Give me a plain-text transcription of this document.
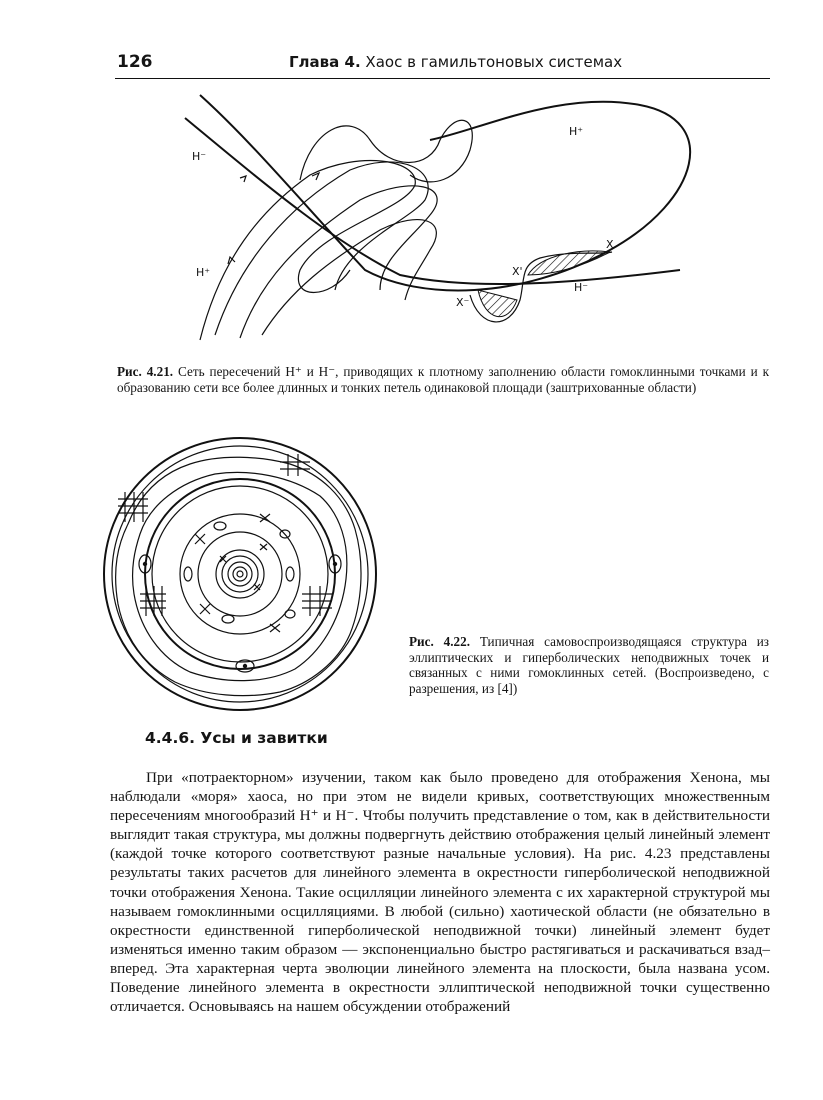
126	Глава 4. Хаос в гамильтоновых системах
H⁻
H⁺
H⁺
H⁻
X
X'
X⁻
Рис. 4.21. Сеть пересечений H⁺ и H⁻, приводящих к плотному заполнению области гомоклинными точками и к образованию сети все более длинных и тонких петель одинаковой площади (заштрихованные области)
Рис. 4.22. Типичная самовоспроизводящаяся структура из эллиптических и гиперболических неподвижных точек и связанных с ними гомоклинных сетей. (Воспроизведено, с разрешения, из [4])
4.4.6. Усы и завитки

При «потраекторном» изучении, таком как было проведено для отображения Хенона, мы наблюдали «моря» хаоса, но при этом не видели кривых, соответствующих множественным пересечениям многообразий H⁺ и H⁻. Чтобы получить представление о том, как в действительности выглядит такая структура, мы должны подвергнуть действию отображения целый линейный элемент (каждой точке которого соответствуют разные начальные условия). На рис. 4.23 представлены результаты таких расчетов для линейного элемента в окрестности гиперболической неподвижной точки отображения Хенона. Такие осцилляции линейного элемента с их характерной структурой мы называем гомоклинными осцилляциями. В любой (сильно) хаотической области (не обязательно в окрестности единственной гиперболической неподвижной точки) линейный элемент будет изменяться именно таким образом — экспоненциально быстро растягиваться и раскачиваться взад–вперед. Эта характерная черта эволюции линейного элемента на плоскости, была названа усом. Поведение линейного элемента в окрестности эллиптической неподвижной точки существенно отличается. Основываясь на нашем обсуждении отображений
